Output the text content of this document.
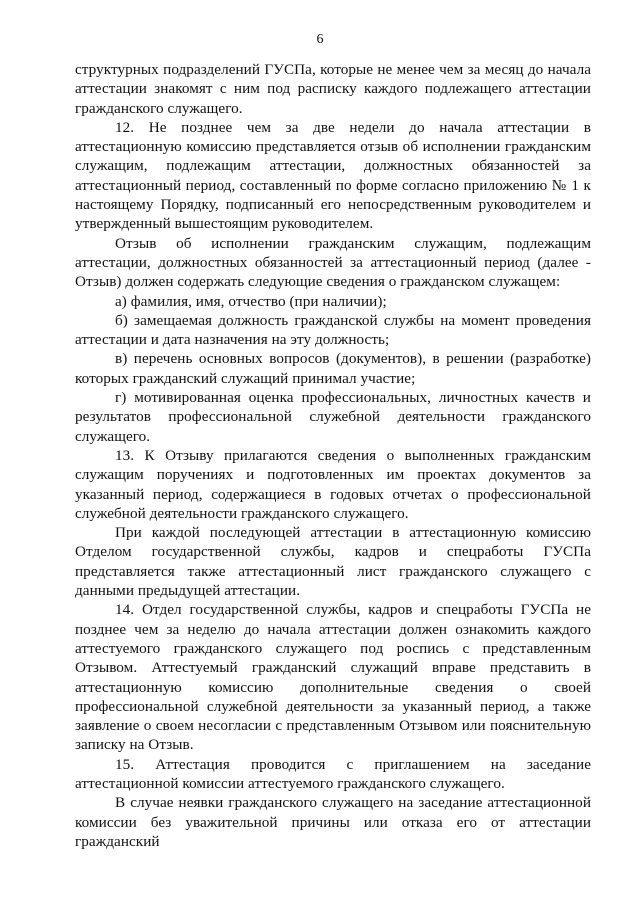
6

структурных подразделений ГУСПа, которые не менее чем за месяц до начала аттестации знакомят с ним под расписку каждого подлежащего аттестации гражданского служащего.

12. Не позднее чем за две недели до начала аттестации в аттестационную комиссию представляется отзыв об исполнении гражданским служащим, подлежащим аттестации, должностных обязанностей за аттестационный период, составленный по форме согласно приложению № 1 к настоящему Порядку, подписанный его непосредственным руководителем и утвержденный вышестоящим руководителем.

Отзыв об исполнении гражданским служащим, подлежащим аттестации, должностных обязанностей за аттестационный период (далее - Отзыв) должен содержать следующие сведения о гражданском служащем:

а) фамилия, имя, отчество (при наличии);

б) замещаемая должность гражданской службы на момент проведения аттестации и дата назначения на эту должность;

в) перечень основных вопросов (документов), в решении (разработке) которых гражданский служащий принимал участие;

г) мотивированная оценка профессиональных, личностных качеств и результатов профессиональной служебной деятельности гражданского служащего.

13. К Отзыву прилагаются сведения о выполненных гражданским служащим поручениях и подготовленных им проектах документов за указанный период, содержащиеся в годовых отчетах о профессиональной служебной деятельности гражданского служащего.

При каждой последующей аттестации в аттестационную комиссию Отделом государственной службы, кадров и спецработы ГУСПа представляется также аттестационный лист гражданского служащего с данными предыдущей аттестации.

14. Отдел государственной службы, кадров и спецработы ГУСПа не позднее чем за неделю до начала аттестации должен ознакомить каждого аттестуемого гражданского служащего под роспись с представленным Отзывом. Аттестуемый гражданский служащий вправе представить в аттестационную комиссию дополнительные сведения о своей профессиональной служебной деятельности за указанный период, а также заявление о своем несогласии с представленным Отзывом или пояснительную записку на Отзыв.

15. Аттестация проводится с приглашением на заседание аттестационной комиссии аттестуемого гражданского служащего.

В случае неявки гражданского служащего на заседание аттестационной комиссии без уважительной причины или отказа его от аттестации гражданский
